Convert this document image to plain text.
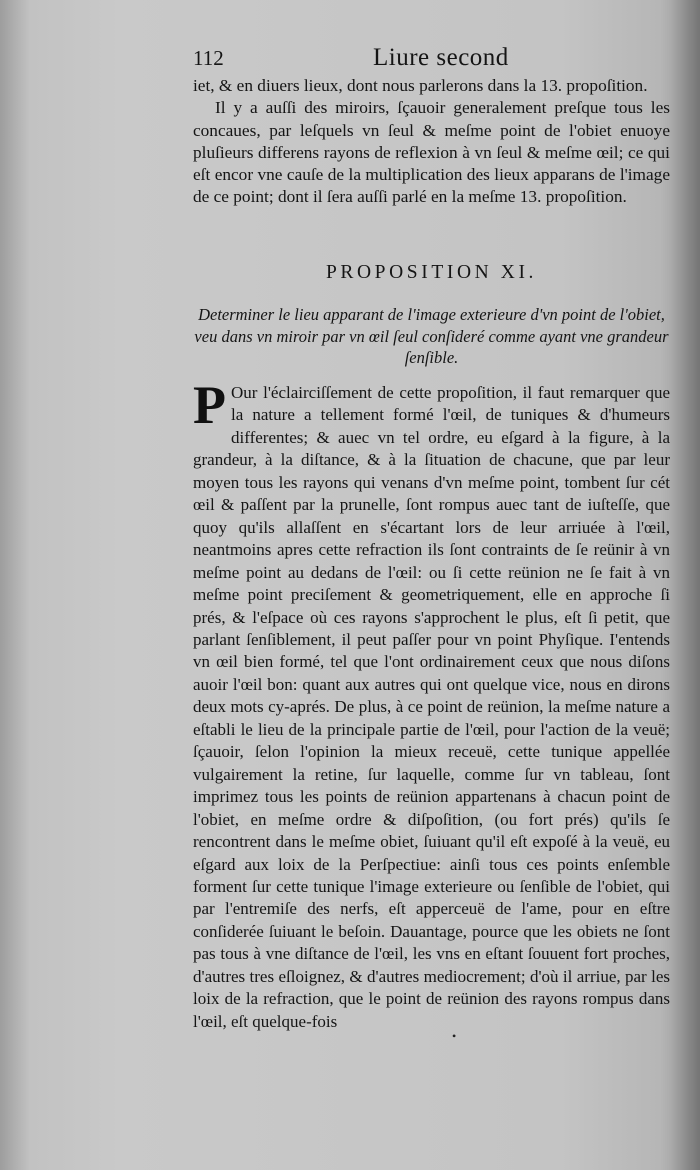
112	Liure second

iet, & en diuers lieux, dont nous parlerons dans la 13. propoſition.

Il y a auſſi des miroirs, ſçauoir generalement preſque tous les concaues, par leſquels vn ſeul & meſme point de l'obiet enuoye pluſieurs differens rayons de reflexion à vn ſeul & meſme œil; ce qui eſt encor vne cauſe de la multiplication des lieux apparans de l'image de ce point; dont il ſera auſſi parlé en la meſme 13. propoſition.

PROPOSITION XI.

Determiner le lieu apparant de l'image exterieure d'vn point de l'obiet, veu dans vn miroir par vn œil ſeul conſideré comme ayant vne grandeur ſenſible.

P Our l'éclairciſſement de cette propoſition, il faut remarquer que la nature a tellement formé l'œil, de tuniques & d'humeurs differentes; & auec vn tel ordre, eu eſgard à la figure, à la grandeur, à la diſtance, & à la ſituation de chacune, que par leur moyen tous les rayons qui venans d'vn meſme point, tombent ſur cét œil & paſſent par la prunelle, ſont rompus auec tant de iuſteſſe, que quoy qu'ils allaſſent en s'écartant lors de leur arriuée à l'œil, neantmoins apres cette refraction ils ſont contraints de ſe reünir à vn meſme point au dedans de l'œil: ou ſi cette reünion ne ſe fait à vn meſme point preciſement & geometriquement, elle en approche ſi prés, & l'eſpace où ces rayons s'approchent le plus, eſt ſi petit, que parlant ſenſiblement, il peut paſſer pour vn point Phyſique. I'entends vn œil bien formé, tel que l'ont ordinairement ceux que nous diſons auoir l'œil bon: quant aux autres qui ont quelque vice, nous en dirons deux mots cy-aprés. De plus, à ce point de reünion, la meſme nature a eſtabli le lieu de la principale partie de l'œil, pour l'action de la veuë; ſçauoir, ſelon l'opinion la mieux receuë, cette tunique appellée vulgairement la retine, ſur laquelle, comme ſur vn tableau, ſont imprimez tous les points de reünion appartenans à chacun point de l'obiet, en meſme ordre & diſpoſition, (ou fort prés) qu'ils ſe rencontrent dans le meſme obiet, ſuiuant qu'il eſt expoſé à la veuë, eu eſgard aux loix de la Perſpectiue: ainſi tous ces points enſemble forment ſur cette tunique l'image exterieure ou ſenſible de l'obiet, qui par l'entremiſe des nerfs, eſt apperceuë de l'ame, pour en eſtre conſiderée ſuiuant le beſoin. Dauantage, pource que les obiets ne ſont pas tous à vne diſtance de l'œil, les vns en eſtant ſouuent fort proches, d'autres tres eſloignez, & d'autres mediocrement; d'où il arriue, par les loix de la refraction, que le point de reünion des rayons rompus dans l'œil, eſt quelque-fois
•
